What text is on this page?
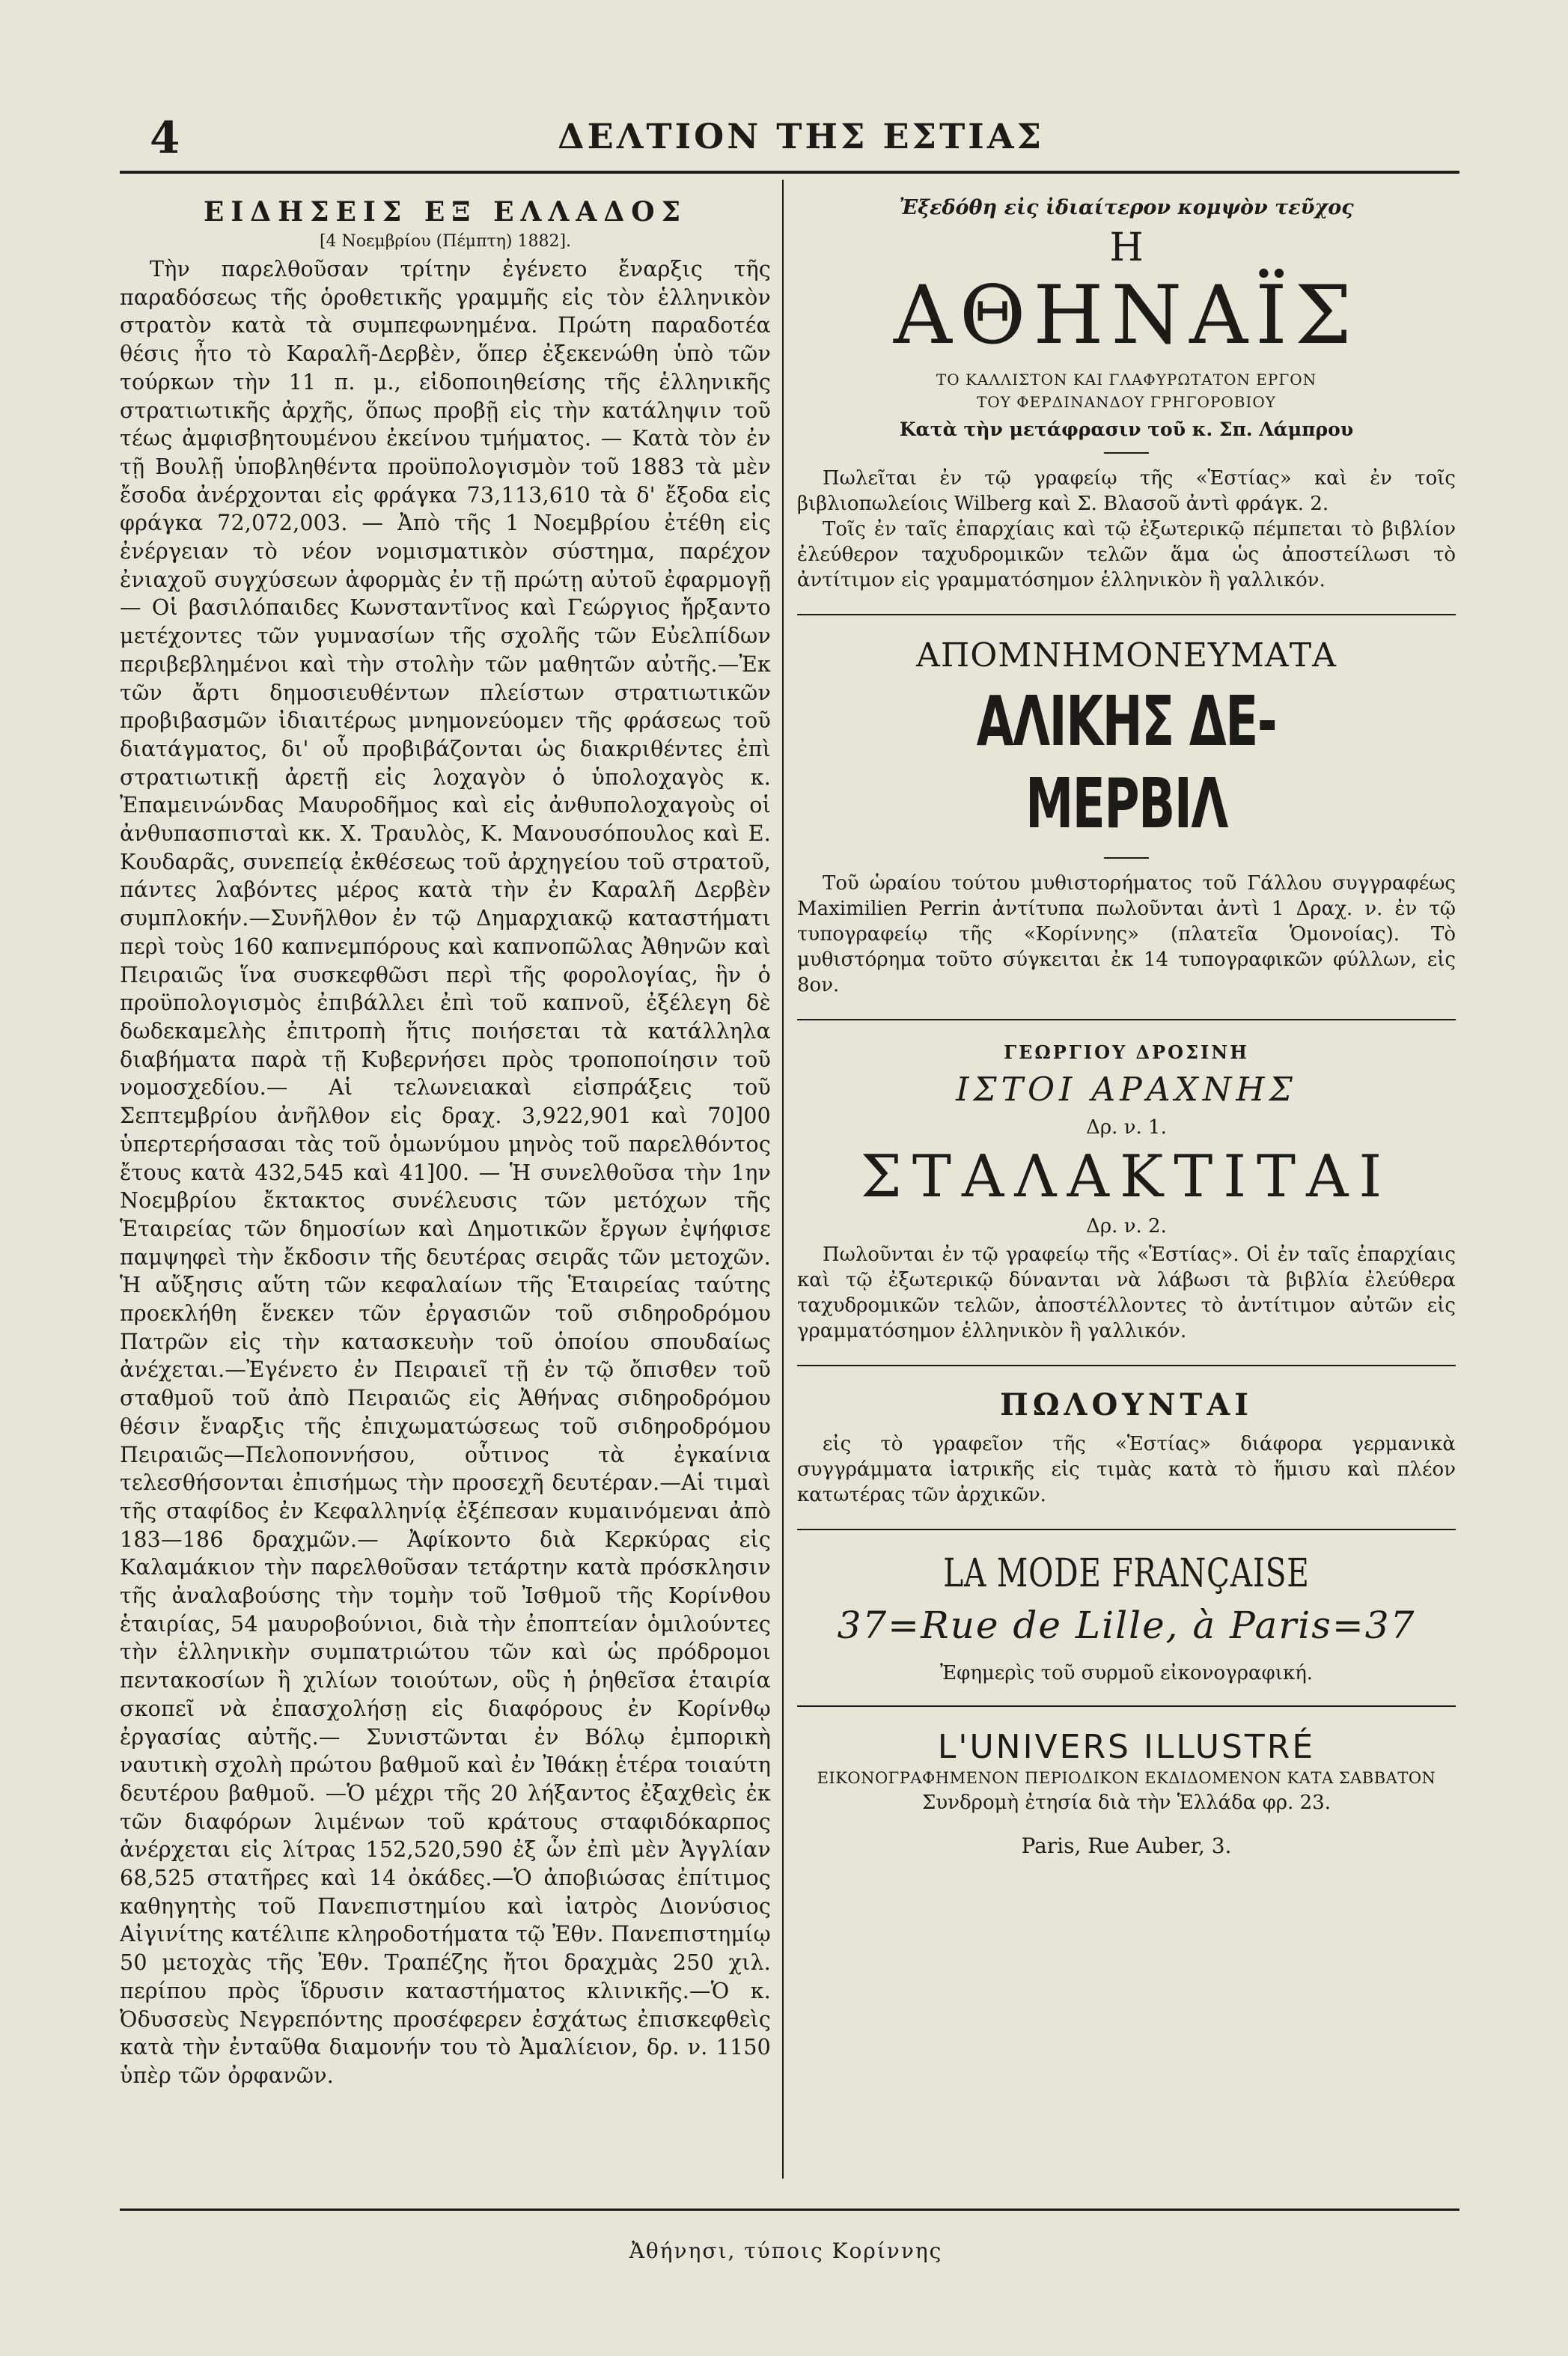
4	ΔΕΛΤΙΟΝ ΤΗΣ ΕΣΤΙΑΣ
ΕΙΔΗΣΕΙΣ ΕΞ ΕΛΛΑΔΟΣ
[4 Νοεμβρίου (Πέμπτη) 1882].

Τὴν παρελθοῦσαν τρίτην ἐγένετο ἔναρξις τῆς παραδόσεως τῆς ὁροθετικῆς γραμμῆς εἰς τὸν ἑλληνικὸν στρατὸν κατὰ τὰ συμπεφωνημένα. Πρώτη παραδοτέα θέσις ἦτο τὸ Καραλῆ-Δερβὲν, ὅπερ ἐξεκενώθη ὑπὸ τῶν τούρκων τὴν 11 π. μ., εἰδοποιηθείσης τῆς ἑλληνικῆς στρατιωτικῆς ἀρχῆς, ὅπως προβῇ εἰς τὴν κατάληψιν τοῦ τέως ἀμφισβητουμένου ἐκείνου τμήματος. — Κατὰ τὸν ἐν τῇ Βουλῇ ὑποβληθέντα προϋπολογισμὸν τοῦ 1883 τὰ μὲν ἔσοδα ἀνέρχονται εἰς φράγκα 73,113,610 τὰ δ' ἔξοδα εἰς φράγκα 72,072,003. — Ἀπὸ τῆς 1 Νοεμβρίου ἐτέθη εἰς ἐνέργειαν τὸ νέον νομισματικὸν σύστημα, παρέχον ἐνιαχοῦ συγχύσεων ἀφορμὰς ἐν τῇ πρώτῃ αὐτοῦ ἐφαρμογῇ — Οἱ βασιλόπαιδες Κωνσταντῖνος καὶ Γεώργιος ἤρξαντο μετέχοντες τῶν γυμνασίων τῆς σχολῆς τῶν Εὐελπίδων περιβεβλημένοι καὶ τὴν στολὴν τῶν μαθητῶν αὐτῆς.—Ἐκ τῶν ἄρτι δημοσιευθέντων πλείστων στρατιωτικῶν προβιβασμῶν ἰδιαιτέρως μνημονεύομεν τῆς φράσεως τοῦ διατάγματος, δι' οὗ προβιβάζονται ὡς διακριθέντες ἐπὶ στρατιωτικῇ ἀρετῇ εἰς λοχαγὸν ὁ ὑπολοχαγὸς κ. Ἐπαμεινώνδας Μαυροδῆμος καὶ εἰς ἀνθυπολοχαγοὺς οἱ ἀνθυπασπισταὶ κκ. Χ. Τραυλὸς, Κ. Μανουσόπουλος καὶ Ε. Κουδαρᾶς, συνεπείᾳ ἐκθέσεως τοῦ ἀρχηγείου τοῦ στρατοῦ, πάντες λαβόντες μέρος κατὰ τὴν ἐν Καραλῆ Δερβὲν συμπλοκήν.—Συνῆλθον ἐν τῷ Δημαρχιακῷ καταστήματι περὶ τοὺς 160 καπνεμπόρους καὶ καπνοπῶλας Ἀθηνῶν καὶ Πειραιῶς ἵνα συσκεφθῶσι περὶ τῆς φορολογίας, ἣν ὁ προϋπολογισμὸς ἐπιβάλλει ἐπὶ τοῦ καπνοῦ, ἐξέλεγη δὲ δωδεκαμελὴς ἐπιτροπὴ ἥτις ποιήσεται τὰ κατάλληλα διαβήματα παρὰ τῇ Κυβερνήσει πρὸς τροποποίησιν τοῦ νομοσχεδίου.— Αἱ τελωνειακαὶ εἰσπράξεις τοῦ Σεπτεμβρίου ἀνῆλθον εἰς δραχ. 3,922,901 καὶ 70]00 ὑπερτερήσασαι τὰς τοῦ ὁμωνύμου μηνὸς τοῦ παρελθόντος ἔτους κατὰ 432,545 καὶ 41]00. — Ἡ συνελθοῦσα τὴν 1ην Νοεμβρίου ἔκτακτος συνέλευσις τῶν μετόχων τῆς Ἑταιρείας τῶν δημοσίων καὶ Δημοτικῶν ἔργων ἐψήφισε παμψηφεὶ τὴν ἔκδοσιν τῆς δευτέρας σειρᾶς τῶν μετοχῶν. Ἡ αὔξησις αὕτη τῶν κεφαλαίων τῆς Ἑταιρείας ταύτης προεκλήθη ἕνεκεν τῶν ἐργασιῶν τοῦ σιδηροδρόμου Πατρῶν εἰς τὴν κατασκευὴν τοῦ ὁποίου σπουδαίως ἀνέχεται.—Ἐγένετο ἐν Πειραιεῖ τῇ ἐν τῷ ὄπισθεν τοῦ σταθμοῦ τοῦ ἀπὸ Πειραιῶς εἰς Ἀθήνας σιδηροδρόμου θέσιν ἔναρξις τῆς ἐπιχωματώσεως τοῦ σιδηροδρόμου Πειραιῶς—Πελοποννήσου, οὗτινος τὰ ἐγκαίνια τελεσθήσονται ἐπισήμως τὴν προσεχῆ δευτέραν.—Αἱ τιμαὶ τῆς σταφίδος ἐν Κεφαλληνίᾳ ἐξέπεσαν κυμαινόμεναι ἀπὸ 183—186 δραχμῶν.— Ἀφίκοντο διὰ Κερκύρας εἰς Καλαμάκιον τὴν παρελθοῦσαν τετάρτην κατὰ πρόσκλησιν τῆς ἀναλαβούσης τὴν τομὴν τοῦ Ἰσθμοῦ τῆς Κορίνθου ἑταιρίας, 54 μαυροβούνιοι, διὰ τὴν ἐποπτείαν ὁμιλούντες τὴν ἑλληνικὴν συμπατριώτου τῶν καὶ ὡς πρόδρομοι πεντακοσίων ἢ χιλίων τοιούτων, οὓς ἡ ῥηθεῖσα ἑταιρία σκοπεῖ νὰ ἐπασχολήσῃ εἰς διαφόρους ἐν Κορίνθῳ ἐργασίας αὐτῆς.— Συνιστῶνται ἐν Βόλῳ ἐμπορικὴ ναυτικὴ σχολὴ πρώτου βαθμοῦ καὶ ἐν Ἰθάκῃ ἑτέρα τοιαύτη δευτέρου βαθμοῦ. —Ὁ μέχρι τῆς 20 λήξαντος ἐξαχθεὶς ἐκ τῶν διαφόρων λιμένων τοῦ κράτους σταφιδόκαρπος ἀνέρχεται εἰς λίτρας 152,520,590 ἐξ ὧν ἐπὶ μὲν Ἀγγλίαν 68,525 στατῆρες καὶ 14 ὀκάδες.—Ὁ ἀποβιώσας ἐπίτιμος καθηγητὴς τοῦ Πανεπιστημίου καὶ ἰατρὸς Διονύσιος Αἰγινίτης κατέλιπε κληροδοτήματα τῷ Ἐθν. Πανεπιστημίῳ 50 μετοχὰς τῆς Ἐθν. Τραπέζης ἤτοι δραχμὰς 250 χιλ. περίπου πρὸς ἵδρυσιν καταστήματος κλινικῆς.—Ὁ κ. Ὀδυσσεὺς Νεγρεπόντης προσέφερεν ἐσχάτως ἐπισκεφθεὶς κατὰ τὴν ἐνταῦθα διαμονήν του τὸ Ἀμαλίειον, δρ. ν. 1150 ὑπὲρ τῶν ὀρφανῶν.

Ἐξεδόθη εἰς ἰδιαίτερον κομψὸν τεῦχος

Η

ΑΘΗΝΑΪΣ

ΤΟ ΚΑΛΛΙΣΤΟΝ ΚΑΙ ΓΛΑΦΥΡΩΤΑΤΟΝ ΕΡΓΟΝ

ΤΟΥ ΦΕΡΔΙΝΑΝΔΟΥ ΓΡΗΓΟΡΟΒΙΟΥ

Κατὰ τὴν μετάφρασιν τοῦ κ. Σπ. Λάμπρου

Πωλεῖται ἐν τῷ γραφείῳ τῆς «Ἑστίας» καὶ ἐν τοῖς βιβλιοπωλείοις Wilberg καὶ Σ. Βλασοῦ ἀντὶ φράγκ. 2.

Τοῖς ἐν ταῖς ἐπαρχίαις καὶ τῷ ἐξωτερικῷ πέμπεται τὸ βιβλίον ἐλεύθερον ταχυδρομικῶν τελῶν ἅμα ὡς ἀποστείλωσι τὸ ἀντίτιμον εἰς γραμματόσημον ἑλληνικὸν ἢ γαλλικόν.

ΑΠΟΜΝΗΜΟΝΕΥΜΑΤΑ

ΑΛΙΚΗΣ ΔΕ-ΜΕΡΒΙΛ

Τοῦ ὡραίου τούτου μυθιστορήματος τοῦ Γάλλου συγγραφέως Maximilien Perrin ἀντίτυπα πωλοῦνται ἀντὶ 1 Δραχ. ν. ἐν τῷ τυπογραφείῳ τῆς «Κορίννης» (πλατεῖα Ὁμονοίας). Τὸ μυθιστόρημα τοῦτο σύγκειται ἐκ 14 τυπογραφικῶν φύλλων, εἰς 8ον.

ΓΕΩΡΓΙΟΥ ΔΡΟΣΙΝΗ

ΙΣΤΟΙ ΑΡΑΧΝΗΣ

Δρ. ν. 1.

ΣΤΑΛΑΚΤΙΤΑΙ

Δρ. ν. 2.

Πωλοῦνται ἐν τῷ γραφείῳ τῆς «Ἑστίας». Οἱ ἐν ταῖς ἐπαρχίαις καὶ τῷ ἐξωτερικῷ δύνανται νὰ λάβωσι τὰ βιβλία ἐλεύθερα ταχυδρομικῶν τελῶν, ἀποστέλλοντες τὸ ἀντίτιμον αὐτῶν εἰς γραμματόσημον ἑλληνικὸν ἢ γαλλικόν.

ΠΩΛΟΥΝΤΑΙ

εἰς τὸ γραφεῖον τῆς «Ἑστίας» διάφορα γερμανικὰ συγγράμματα ἰατρικῆς εἰς τιμὰς κατὰ τὸ ἥμισυ καὶ πλέον κατωτέρας τῶν ἀρχικῶν.

LA MODE FRANÇAISE

37=Rue de Lille, à Paris=37

Ἐφημερὶς τοῦ συρμοῦ εἰκονογραφική.

L'UNIVERS ILLUSTRÉ

ΕΙΚΟΝΟΓΡΑΦΗΜΕΝΟΝ ΠΕΡΙΟΔΙΚΟΝ ΕΚΔΙΔΟΜΕΝΟΝ ΚΑΤΑ ΣΑΒΒΑΤΟΝ

Συνδρομὴ ἐτησία διὰ τὴν Ἑλλάδα φρ. 23.

Paris, Rue Auber, 3.

Ἀθήνησι, τύποις Κορίννης
